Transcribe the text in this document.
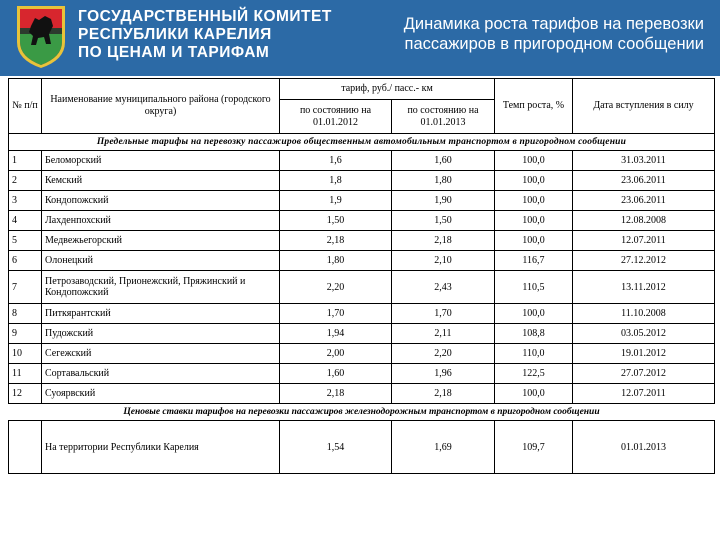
ГОСУДАРСТВЕННЫЙ КОМИТЕТ
РЕСПУБЛИКИ КАРЕЛИЯ
ПО ЦЕНАМ И ТАРИФАМ
Динамика роста тарифов на перевозки
пассажиров в пригородном сообщении
№ п/п	Наименование муниципального района (городского округа)	тариф, руб./ пасс.- км		Темп роста, %	Дата вступления в силу
		по состоянию на 01.01.2012	по состоянию на 01.01.2013		
Предельные тарифы на перевозку пассажиров общественным автомобильным транспортом в пригородном сообщении					
1	Беломорский	1,6	1,60	100,0	31.03.2011
2	Кемский	1,8	1,80	100,0	23.06.2011
3	Кондопожский	1,9	1,90	100,0	23.06.2011
4	Лахденпохский	1,50	1,50	100,0	12.08.2008
5	Медвежьегорский	2,18	2,18	100,0	12.07.2011
6	Олонецкий	1,80	2,10	116,7	27.12.2012
7	Петрозаводский, Прионежский, Пряжинский и Кондопожский	2,20	2,43	110,5	13.11.2012
8	Питкярантский	1,70	1,70	100,0	11.10.2008
9	Пудожский	1,94	2,11	108,8	03.05.2012
10	Сегежский	2,00	2,20	110,0	19.01.2012
11	Сортавальский	1,60	1,96	122,5	27.07.2012
12	Суоярвский	2,18	2,18	100,0	12.07.2011
Ценовые ставки тарифов на перевозки пассажиров железнодорожным транспортом в пригородном сообщении					
	На территории Республики Карелия	1,54	1,69	109,7	01.01.2013
